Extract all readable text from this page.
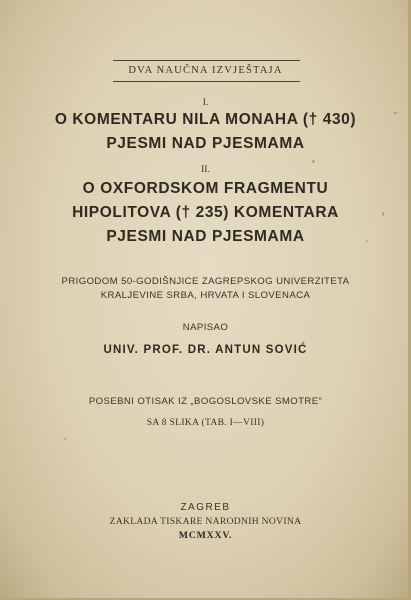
DVA NAUČNA IZVJEŠTAJA
I.
O KOMENTARU NILA MONAHA († 430)
PJESMI NAD PJESMAMA
II.
O OXFORDSKOM FRAGMENTU
HIPOLITOVA († 235) KOMENTARA
PJESMI NAD PJESMAMA
PRIGODOM 50-GODIŠNJICE ZAGREPSKOG UNIVERZITETA
KRALJEVINE SRBA, HRVATA I SLOVENACA
NAPISAO
UNIV. PROF. DR. ANTUN SOVIĆ
POSEBNI OTISAK IZ „BOGOSLOVSKE SMOTRE“
SA 8 SLIKA (TAB. I—VIII)
ZAGREB
ZAKLADA TISKARE NARODNIH NOVINA
MCMXXV.
